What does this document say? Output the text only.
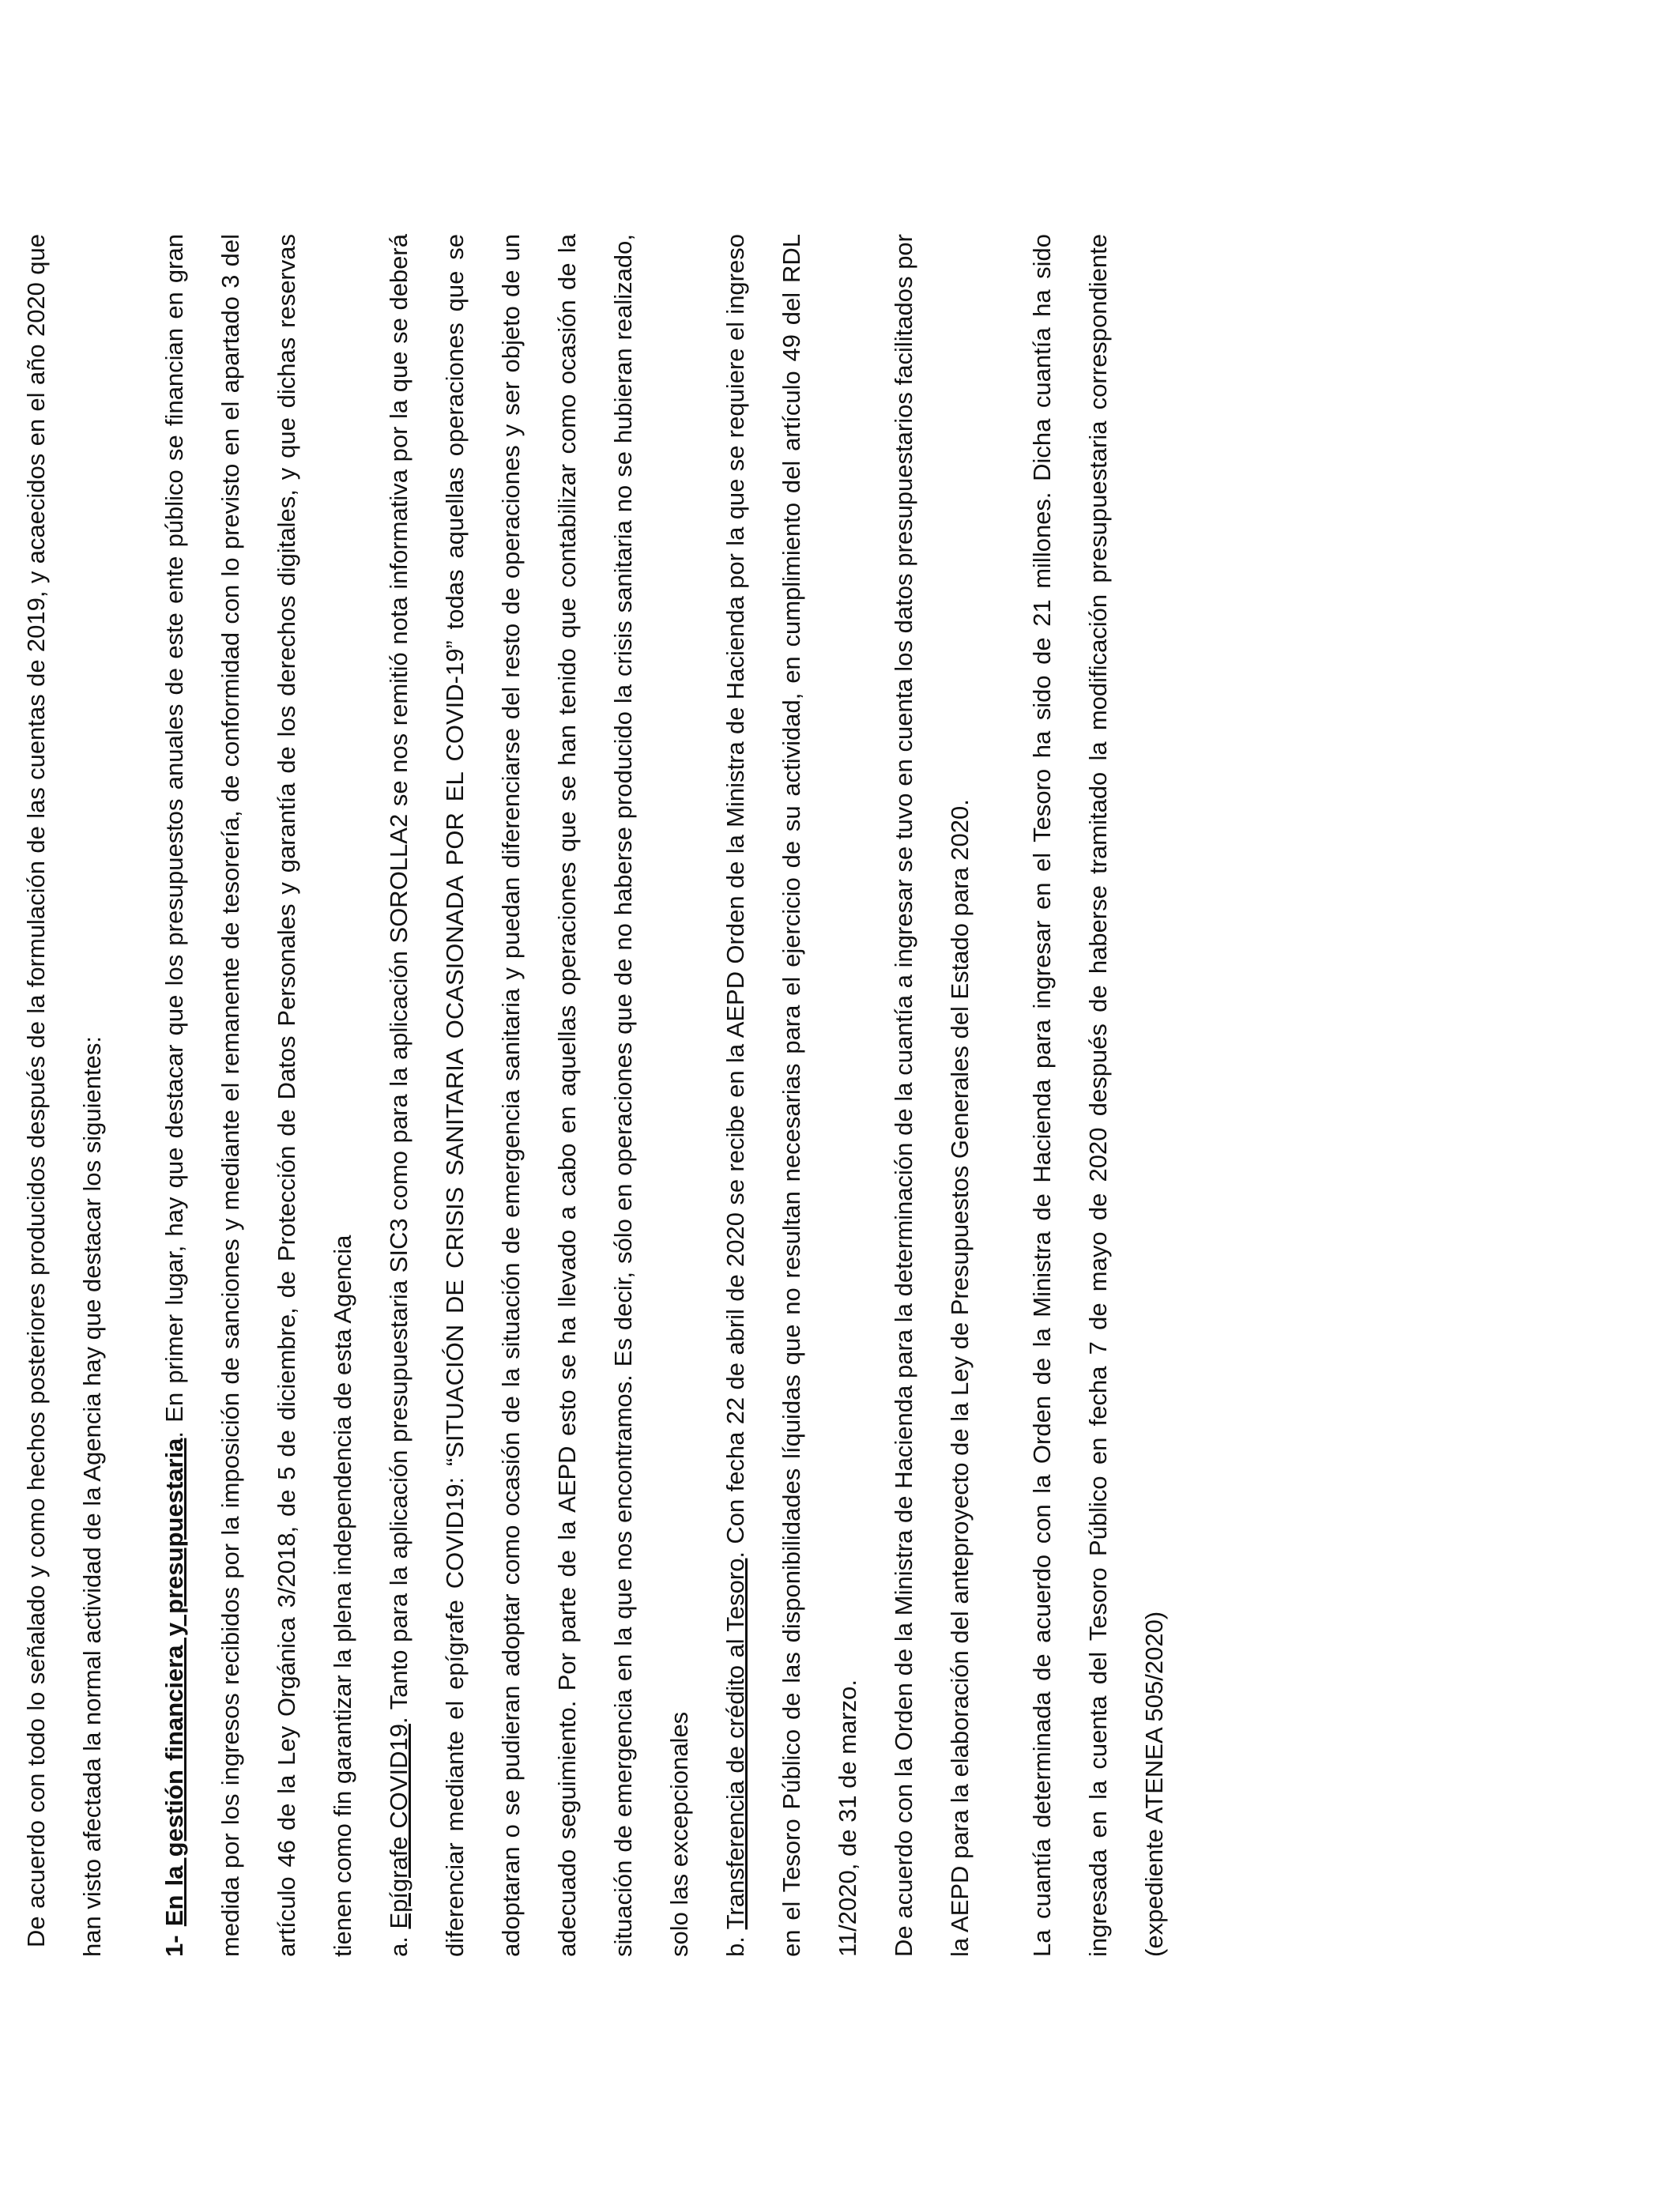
De acuerdo con todo lo señalado y como hechos posteriores producidos después de la formulación de las cuentas de 2019, y acaecidos en el año 2020 que han visto afectada la normal actividad de la Agencia hay que destacar los siguientes:	1- En la gestión financiera y presupuestaria. En primer lugar, hay que destacar que los presupuestos anuales de este ente público se financian en gran medida por los ingresos recibidos por la imposición de sanciones y mediante el remanente de tesorería, de conformidad con lo previsto en el apartado 3 del artículo 46 de la Ley Orgánica 3/2018, de 5 de diciembre, de Protección de Datos Personales y garantía de los derechos digitales, y que dichas reservas tienen como fin garantizar la plena independencia de esta Agencia	a. Epígrafe COVID19. Tanto para la aplicación presupuestaria SIC3 como para la aplicación SOROLLA2 se nos remitió nota informativa por la que se deberá diferenciar mediante el epígrafe COVID19: “SITUACIÓN DE CRISIS SANITARIA OCASIONADA POR EL COVID-19” todas aquellas operaciones que se adoptaran o se pudieran adoptar como ocasión de la situación de emergencia sanitaria y puedan diferenciarse del resto de operaciones y ser objeto de un adecuado seguimiento. Por parte de la AEPD esto se ha llevado a cabo en aquellas operaciones que se han tenido que contabilizar como ocasión de la situación de emergencia en la que nos encontramos. Es decir, sólo en operaciones que de no haberse producido la crisis sanitaria no se hubieran realizado, solo las excepcionales	b. Transferencia de crédito al Tesoro. Con fecha 22 de abril de 2020 se recibe en la AEPD Orden de la Ministra de Hacienda por la que se requiere el ingreso en el Tesoro Público de las disponibilidades líquidas que no resultan necesarias para el ejercicio de su actividad, en cumplimiento del artículo 49 del RDL 11/2020, de 31 de marzo.	De acuerdo con la Orden de la Ministra de Hacienda para la determinación de la cuantía a ingresar se tuvo en cuenta los datos presupuestarios facilitados por la AEPD para la elaboración del anteproyecto de la Ley de Presupuestos Generales del Estado para 2020.	La cuantía determinada de acuerdo con la Orden de la Ministra de Hacienda para ingresar en el Tesoro ha sido de 21 millones. Dicha cuantía ha sido ingresada en la cuenta del Tesoro Público en fecha 7 de mayo de 2020 después de haberse tramitado la modificación presupuestaria correspondiente (expediente ATENEA 505/2020)
